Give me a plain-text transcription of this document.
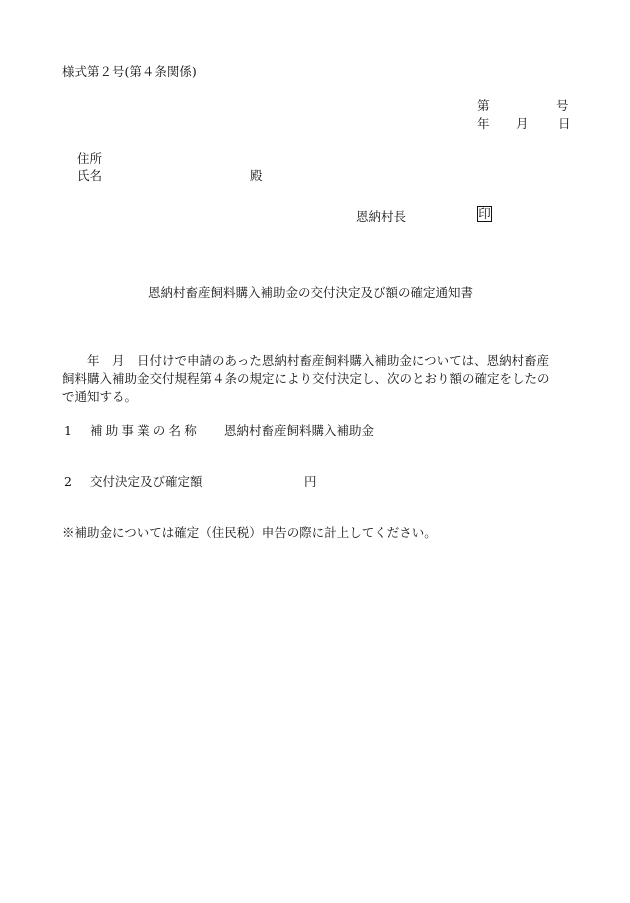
様式第２号(第４条関係)
第	号
年 月 日
住所
氏名	殿
恩納村長	印
恩納村畜産飼料購入補助金の交付決定及び額の確定通知書
　　年　月　日付けで申請のあった恩納村畜産飼料購入補助金については、恩納村畜産
飼料購入補助金交付規程第４条の規定により交付決定し、次のとおり額の確定をしたの
で通知する。
1 補助事業の名称 恩納村畜産飼料購入補助金
2 交付決定及び確定額	円
※補助金については確定（住民税）申告の際に計上してください。
